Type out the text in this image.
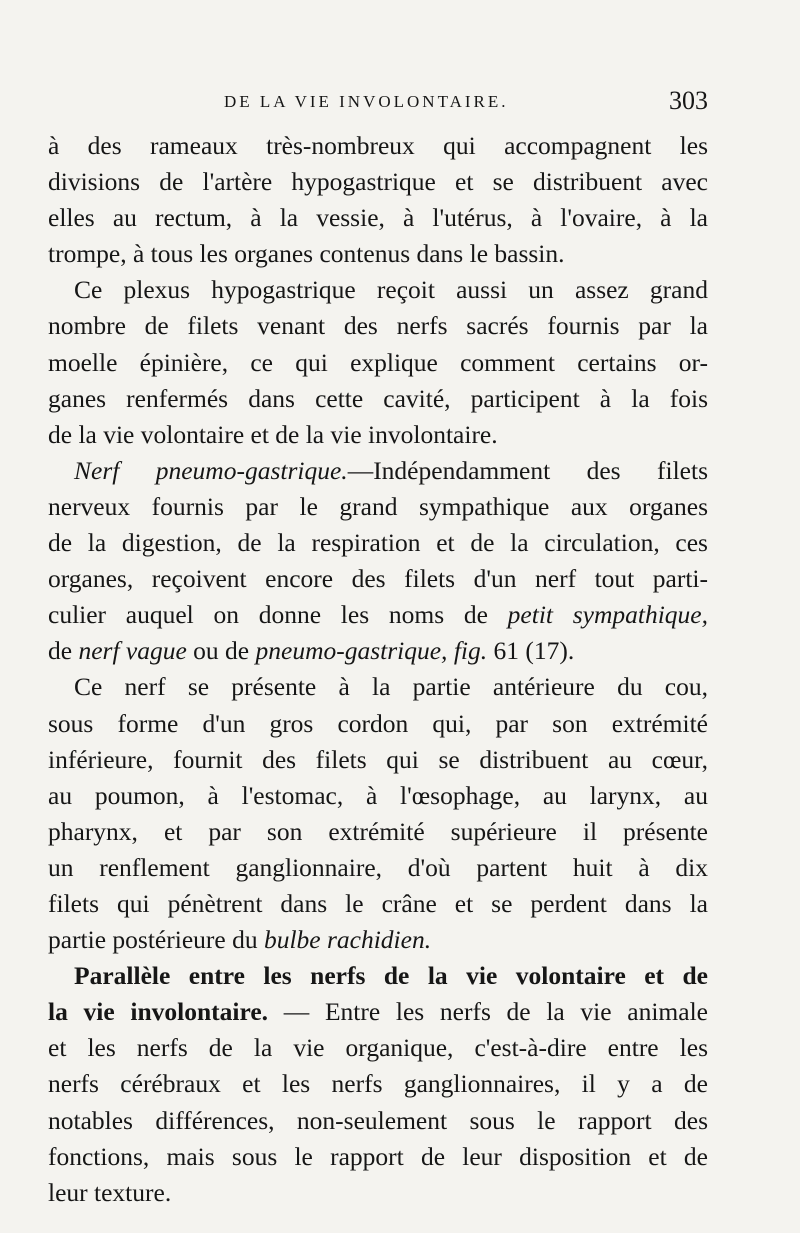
DE LA VIE INVOLONTAIRE.	303

à des rameaux très-nombreux qui accompagnent les
divisions de l'artère hypogastrique et se distribuent avec
elles au rectum, à la vessie, à l'utérus, à l'ovaire, à la
trompe, à tous les organes contenus dans le bassin.

Ce plexus hypogastrique reçoit aussi un assez grand
nombre de filets venant des nerfs sacrés fournis par la
moelle épinière, ce qui explique comment certains or-
ganes renfermés dans cette cavité, participent à la fois
de la vie volontaire et de la vie involontaire.

Nerf pneumo-gastrique.—Indépendamment des filets
nerveux fournis par le grand sympathique aux organes
de la digestion, de la respiration et de la circulation, ces
organes, reçoivent encore des filets d'un nerf tout parti-
culier auquel on donne les noms de petit sympathique,
de nerf vague ou de pneumo-gastrique, fig. 61 (17).

Ce nerf se présente à la partie antérieure du cou,
sous forme d'un gros cordon qui, par son extrémité
inférieure, fournit des filets qui se distribuent au cœur,
au poumon, à l'estomac, à l'œsophage, au larynx, au
pharynx, et par son extrémité supérieure il présente
un renflement ganglionnaire, d'où partent huit à dix
filets qui pénètrent dans le crâne et se perdent dans la
partie postérieure du bulbe rachidien.

Parallèle entre les nerfs de la vie volontaire et de
la vie involontaire. — Entre les nerfs de la vie animale
et les nerfs de la vie organique, c'est-à-dire entre les
nerfs cérébraux et les nerfs ganglionnaires, il y a de
notables différences, non-seulement sous le rapport des
fonctions, mais sous le rapport de leur disposition et de
leur texture.
